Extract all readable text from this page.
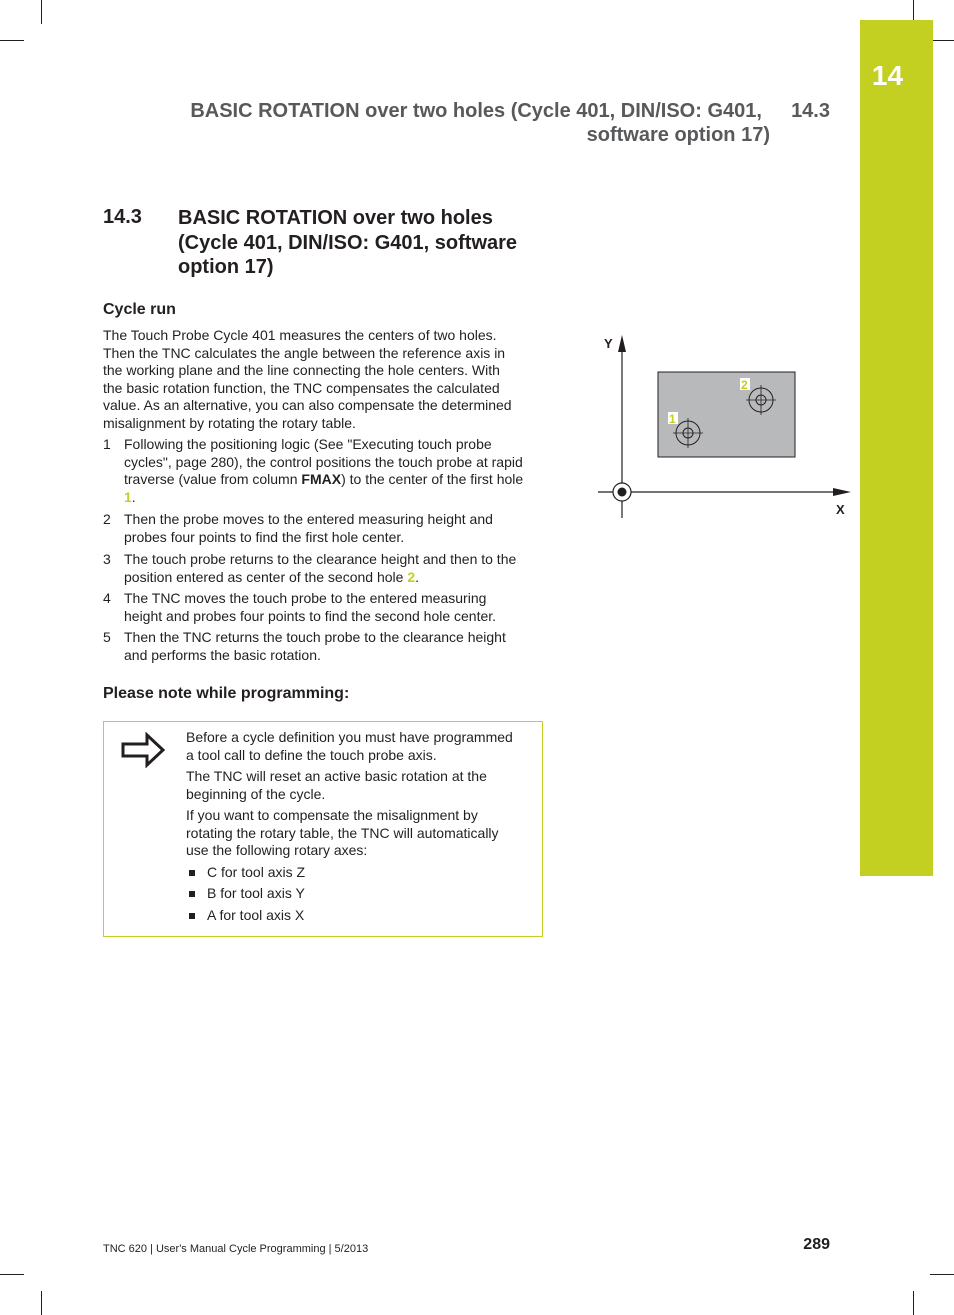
14
BASIC ROTATION over two holes (Cycle 401, DIN/ISO: G401, 14.3
software option 17)
14.3 BASIC ROTATION over two holes
(Cycle 401, DIN/ISO: G401, software
option 17)
Cycle run
The Touch Probe Cycle 401 measures the centers of two holes.
Then the TNC calculates the angle between the reference axis in
the working plane and the line connecting the hole centers. With
the basic rotation function, the TNC compensates the calculated
value. As an alternative, you can also compensate the determined
misalignment by rotating the rotary table.
1 Following the positioning logic (See "Executing touch probe
cycles", page 280), the control positions the touch probe at rapid
traverse (value from column FMAX) to the center of the first hole
1.
2 Then the probe moves to the entered measuring height and
probes four points to find the first hole center.
3 The touch probe returns to the clearance height and then to the
position entered as center of the second hole 2.
4 The TNC moves the touch probe to the entered measuring
height and probes four points to find the second hole center.
5 Then the TNC returns the touch probe to the clearance height
and performs the basic rotation.
Please note while programming:
Before a cycle definition you must have programmed
a tool call to define the touch probe axis.
The TNC will reset an active basic rotation at the
beginning of the cycle.
If you want to compensate the misalignment by
rotating the rotary table, the TNC will automatically
use the following rotary axes:
C for tool axis Z
B for tool axis Y
A for tool axis X
Y
X
1
2
TNC 620 | User's Manual Cycle Programming | 5/2013	289
